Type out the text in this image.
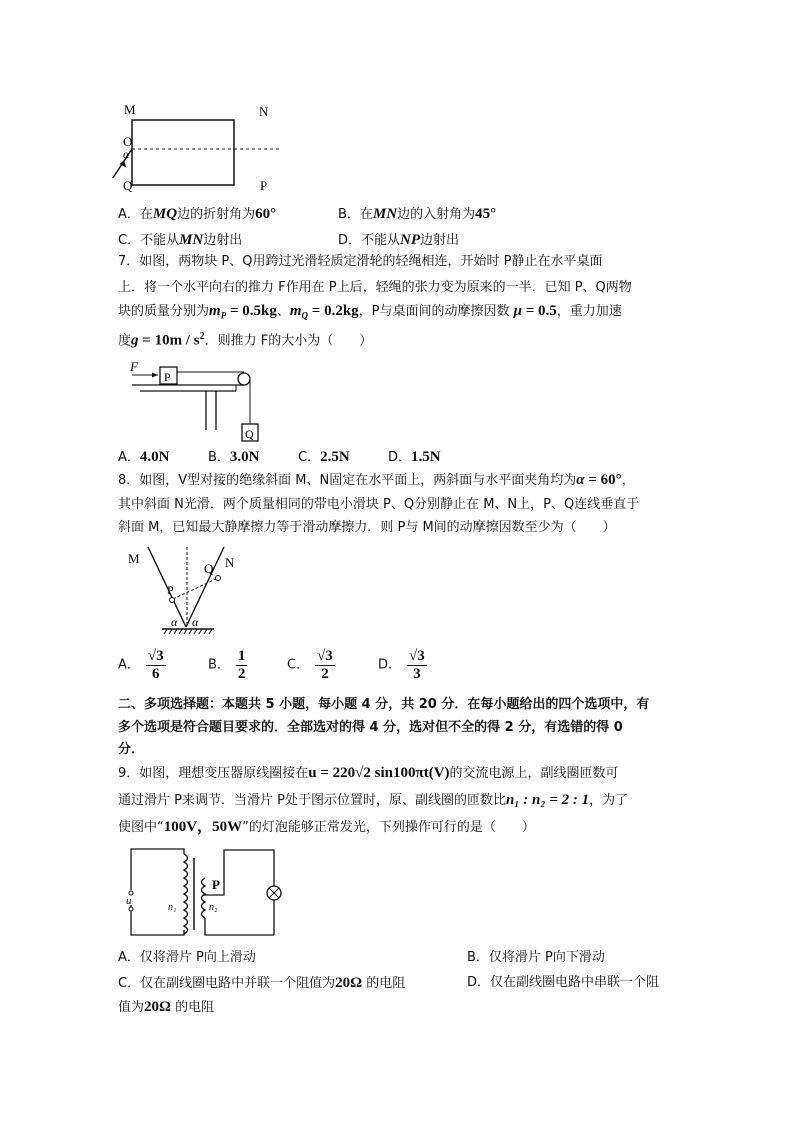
M	N
O
α
Q	P
A．在MQ边的折射角为60°	B．在MN边的入射角为45°
C．不能从MN边射出	D．不能从NP边射出
7．如图，两物块 P、Q用跨过光滑轻质定滑轮的轻绳相连，开始时 P静止在水平桌面
上．将一个水平向右的推力 F作用在 P上后，轻绳的张力变为原来的一半．已知 P、Q两物
块的质量分别为$m_P = 0.5kg$、$m_Q = 0.2kg$，P与桌面间的动摩擦因数 μ = 0.5，重力加速
度$g = 10m / s^2$．则推力 F的大小为（　　）
F
P
Q
A．4.0N	B．3.0N	C．2.5N	D．1.5N
8．如图，V型对接的绝缘斜面 M、N固定在水平面上，两斜面与水平面夹角均为α = 60°，
其中斜面 N光滑．两个质量相同的带电小滑块 P、Q分别静止在 M、N上，P、Q连线垂直于
斜面 M，已知最大静摩擦力等于滑动摩擦力．则 P与 M间的动摩擦因数至少为（　　）
M	N
P
Q
α α
A． $\frac{√3}{6}$	B． $\frac{1}{2}$	C． $\frac{√3}{2}$	D． $\frac{√3}{3}$
二、多项选择题：本题共 5 小题，每小题 4 分，共 20 分．在每小题给出的四个选项中，有
多个选项是符合题目要求的．全部选对的得 4 分，选对但不全的得 2 分，有选错的得 0
分．
9．如图，理想变压器原线圈接在u = 220√2 sin100πt(V)的交流电源上，副线圈匝数可
通过滑片 P来调节．当滑片 P处于图示位置时，原、副线圈的匝数比n₁ : n₂ = 2 : 1，为了
使图中“100V，50W”的灯泡能够正常发光，下列操作可行的是（　　）
P
u
n₁	n₂
A．仅将滑片 P向上滑动	B．仅将滑片 P向下滑动
C．仅在副线圈电路中并联一个阻值为20Ω 的电阻	D．仅在副线圈电路中串联一个阻
值为20Ω 的电阻
